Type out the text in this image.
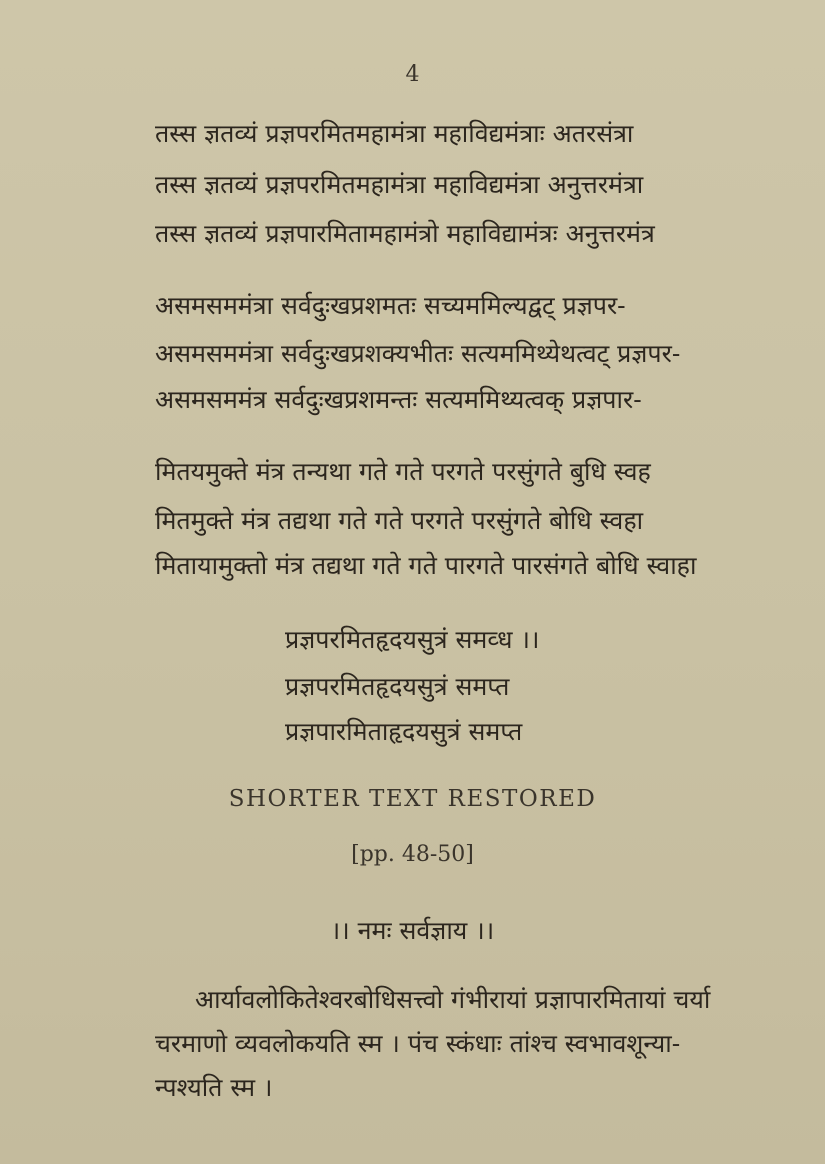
4
तस्स ज्ञतव्यं प्रज्ञपरमितमहामंत्रा महाविद्यमंत्राः अतरसंत्रा
तस्स ज्ञतव्यं प्रज्ञपरमितमहामंत्रा महाविद्यमंत्रा अनुत्तरमंत्रा
तस्स ज्ञतव्यं प्रज्ञपारमितामहामंत्रो महाविद्यामंत्रः अनुत्तरमंत्र
असमसममंत्रा सर्वदुःखप्रशमतः सच्यममिल्यद्वट् प्रज्ञपर-
असमसममंत्रा सर्वदुःखप्रशक्यभीतः सत्यममिथ्येथत्वट् प्रज्ञपर-
असमसममंत्र सर्वदुःखप्रशमन्तः सत्यममिथ्यत्वक् प्रज्ञपार-
मितयमुक्ते मंत्र तन्यथा गते गते परगते परसुंगते बुधि स्वह
मितमुक्ते मंत्र तद्यथा गते गते परगते परसुंगते बोधि स्वहा
मितायामुक्तो मंत्र तद्यथा गते गते पारगते पारसंगते बोधि स्वाहा
प्रज्ञपरमितहृदयसुत्रं समव्ध ।।
प्रज्ञपरमितहृदयसुत्रं समप्त
प्रज्ञपारमिताहृदयसुत्रं समप्त
SHORTER TEXT RESTORED
[pp. 48-50]
।। नमः सर्वज्ञाय ।।
आर्यावलोकितेश्वरबोधिसत्त्वो गंभीरायां प्रज्ञापारमितायां चर्या
चरमाणो व्यवलोकयति स्म । पंच स्कंधाः तांश्च स्वभावशून्या-
न्पश्यति स्म ।
